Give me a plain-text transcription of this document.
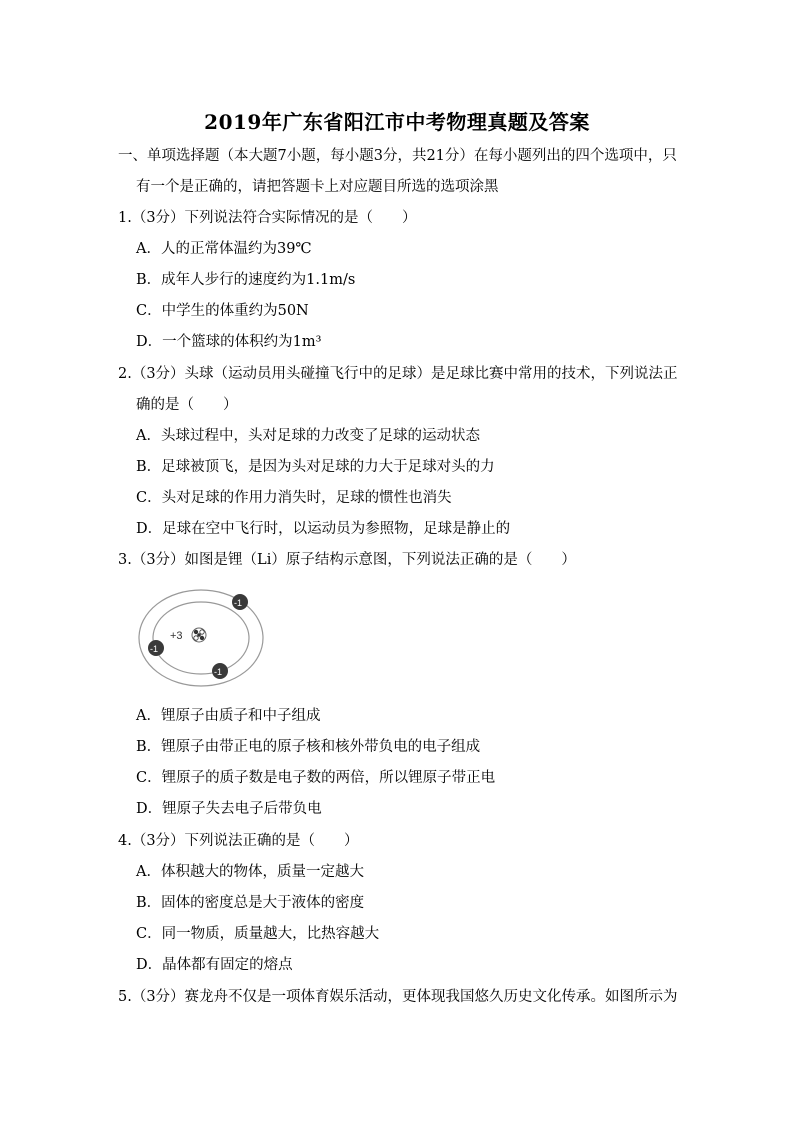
2019年广东省阳江市中考物理真题及答案
一、单项选择题（本大题7小题，每小题3分，共21分）在每小题列出的四个选项中，只
有一个是正确的，请把答题卡上对应题目所选的选项涂黑
1.（3分）下列说法符合实际情况的是（　　）
A．人的正常体温约为39℃
B．成年人步行的速度约为1.1m/s
C．中学生的体重约为50N
D．一个篮球的体积约为1m³
2.（3分）头球（运动员用头碰撞飞行中的足球）是足球比赛中常用的技术，下列说法正
确的是（　　）
A．头球过程中，头对足球的力改变了足球的运动状态
B．足球被顶飞，是因为头对足球的力大于足球对头的力
C．头对足球的作用力消失时，足球的惯性也消失
D．足球在空中飞行时，以运动员为参照物，足球是静止的
3.（3分）如图是锂（Li）原子结构示意图，下列说法正确的是（　　）
+3
-1
-1
-1
A．锂原子由质子和中子组成
B．锂原子由带正电的原子核和核外带负电的电子组成
C．锂原子的质子数是电子数的两倍，所以锂原子带正电
D．锂原子失去电子后带负电
4.（3分）下列说法正确的是（　　）
A．体积越大的物体，质量一定越大
B．固体的密度总是大于液体的密度
C．同一物质，质量越大，比热容越大
D．晶体都有固定的熔点
5.（3分）赛龙舟不仅是一项体育娱乐活动，更体现我国悠久历史文化传承。如图所示为
